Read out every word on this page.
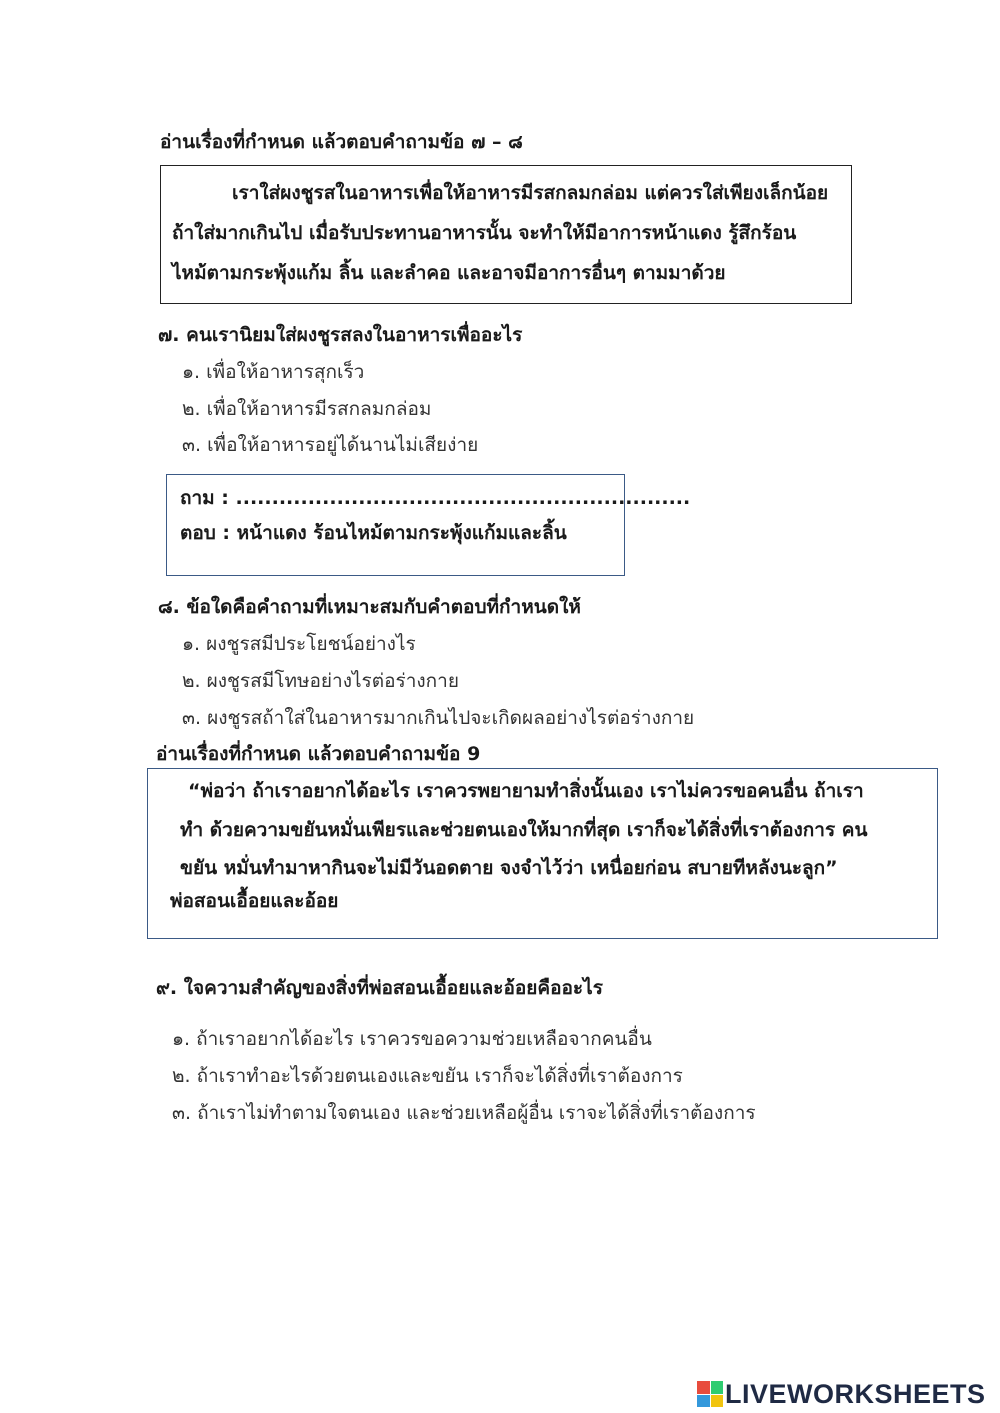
อ่านเรื่องที่กำหนด แล้วตอบคำถามข้อ ๗ – ๘
เราใส่ผงชูรสในอาหารเพื่อให้อาหารมีรสกลมกล่อม แต่ควรใส่เพียงเล็กน้อย
ถ้าใส่มากเกินไป เมื่อรับประทานอาหารนั้น จะทำให้มีอาการหน้าแดง รู้สึกร้อน
ไหม้ตามกระพุ้งแก้ม ลิ้น และลำคอ และอาจมีอาการอื่นๆ ตามมาด้วย
๗. คนเรานิยมใส่ผงชูรสลงในอาหารเพื่ออะไร
๑. เพื่อให้อาหารสุกเร็ว
๒. เพื่อให้อาหารมีรสกลมกล่อม
๓. เพื่อให้อาหารอยู่ได้นานไม่เสียง่าย
ถาม : ...............................................................
ตอบ : หน้าแดง ร้อนไหม้ตามกระพุ้งแก้มและลิ้น
๘. ข้อใดคือคำถามที่เหมาะสมกับคำตอบที่กำหนดให้
๑. ผงชูรสมีประโยชน์อย่างไร
๒. ผงชูรสมีโทษอย่างไรต่อร่างกาย
๓. ผงชูรสถ้าใส่ในอาหารมากเกินไปจะเกิดผลอย่างไรต่อร่างกาย
อ่านเรื่องที่กำหนด แล้วตอบคำถามข้อ 9
“พ่อว่า ถ้าเราอยากได้อะไร เราควรพยายามทำสิ่งนั้นเอง เราไม่ควรขอคนอื่น ถ้าเรา
ทำ ด้วยความขยันหมั่นเพียรและช่วยตนเองให้มากที่สุด เราก็จะได้สิ่งที่เราต้องการ คน
ขยัน หมั่นทำมาหากินจะไม่มีวันอดตาย จงจำไว้ว่า เหนื่อยก่อน สบายทีหลังนะลูก”
พ่อสอนเอื้อยและอ้อย
๙. ใจความสำคัญของสิ่งที่พ่อสอนเอื้อยและอ้อยคืออะไร
๑. ถ้าเราอยากได้อะไร เราควรขอความช่วยเหลือจากคนอื่น
๒. ถ้าเราทำอะไรด้วยตนเองและขยัน เราก็จะได้สิ่งที่เราต้องการ
๓. ถ้าเราไม่ทำตามใจตนเอง และช่วยเหลือผู้อื่น เราจะได้สิ่งที่เราต้องการ
LIVEWORKSHEETS
